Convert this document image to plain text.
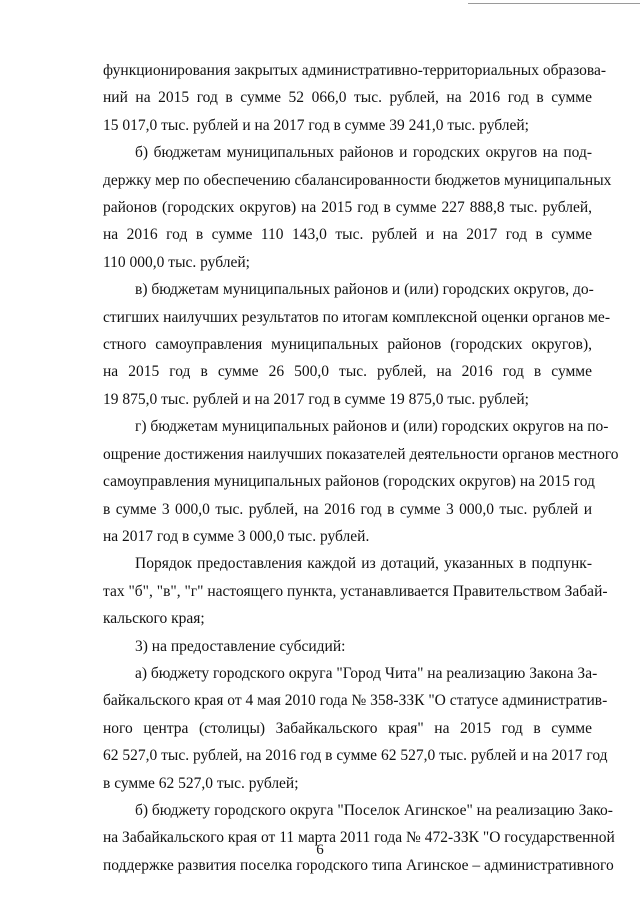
функционирования закрытых административно-территориальных образова-
ний на 2015 год в сумме 52 066,0 тыс. рублей, на 2016 год в сумме
15 017,0 тыс. рублей и на 2017 год в сумме 39 241,0 тыс. рублей;

б) бюджетам муниципальных районов и городских округов на под-
держку мер по обеспечению сбалансированности бюджетов муниципальных
районов (городских округов) на 2015 год в сумме 227 888,8 тыс. рублей,
на 2016 год в сумме 110 143,0 тыс. рублей и на 2017 год в сумме
110 000,0 тыс. рублей;

в) бюджетам муниципальных районов и (или) городских округов, до-
стигших наилучших результатов по итогам комплексной оценки органов ме-
стного самоуправления муниципальных районов (городских округов),
на 2015 год в сумме 26 500,0 тыс. рублей, на 2016 год в сумме
19 875,0 тыс. рублей и на 2017 год в сумме 19 875,0 тыс. рублей;

г) бюджетам муниципальных районов и (или) городских округов на по-
ощрение достижения наилучших показателей деятельности органов местного
самоуправления муниципальных районов (городских округов) на 2015 год
в сумме 3 000,0 тыс. рублей, на 2016 год в сумме 3 000,0 тыс. рублей и
на 2017 год в сумме 3 000,0 тыс. рублей.

Порядок предоставления каждой из дотаций, указанных в подпунк-
тах "б", "в", "г" настоящего пункта, устанавливается Правительством Забай-
кальского края;

3) на предоставление субсидий:

а) бюджету городского округа "Город Чита" на реализацию Закона За-
байкальского края от 4 мая 2010 года № 358-ЗЗК "О статусе административ-
ного центра (столицы) Забайкальского края" на 2015 год в сумме
62 527,0 тыс. рублей, на 2016 год в сумме 62 527,0 тыс. рублей и на 2017 год
в сумме 62 527,0 тыс. рублей;

б) бюджету городского округа "Поселок Агинское" на реализацию Зако-
на Забайкальского края от 11 марта 2011 года № 472-ЗЗК "О государственной
поддержке развития поселка городского типа Агинское – административного

6
